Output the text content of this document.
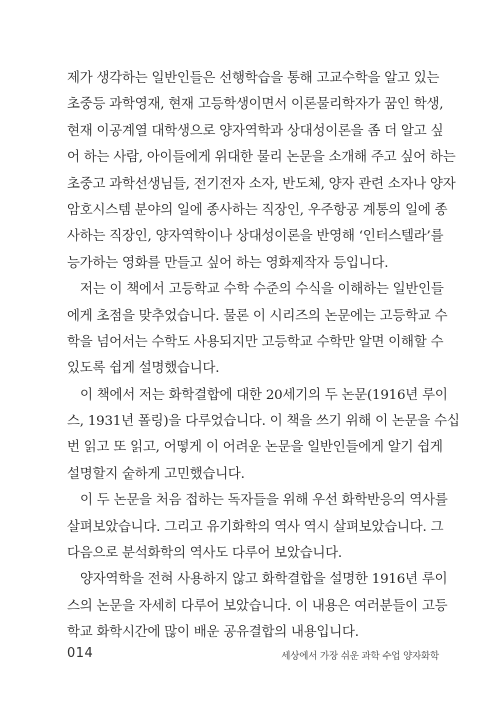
제가 생각하는 일반인들은 선행학습을 통해 고교수학을 알고 있는
초중등 과학영재, 현재 고등학생이면서 이론물리학자가 꿈인 학생,
현재 이공계열 대학생으로 양자역학과 상대성이론을 좀 더 알고 싶
어 하는 사람, 아이들에게 위대한 물리 논문을 소개해 주고 싶어 하는
초중고 과학선생님들, 전기전자 소자, 반도체, 양자 관련 소자나 양자
암호시스템 분야의 일에 종사하는 직장인, 우주항공 계통의 일에 종
사하는 직장인, 양자역학이나 상대성이론을 반영해 ‘인터스텔라’를
능가하는 영화를 만들고 싶어 하는 영화제작자 등입니다.
저는 이 책에서 고등학교 수학 수준의 수식을 이해하는 일반인들
에게 초점을 맞추었습니다. 물론 이 시리즈의 논문에는 고등학교 수
학을 넘어서는 수학도 사용되지만 고등학교 수학만 알면 이해할 수
있도록 쉽게 설명했습니다.
이 책에서 저는 화학결합에 대한 20세기의 두 논문(1916년 루이
스, 1931년 폴링)을 다루었습니다. 이 책을 쓰기 위해 이 논문을 수십
번 읽고 또 읽고, 어떻게 이 어려운 논문을 일반인들에게 알기 쉽게
설명할지 숱하게 고민했습니다.
이 두 논문을 처음 접하는 독자들을 위해 우선 화학반응의 역사를
살펴보았습니다. 그리고 유기화학의 역사 역시 살펴보았습니다. 그
다음으로 분석화학의 역사도 다루어 보았습니다.
양자역학을 전혀 사용하지 않고 화학결합을 설명한 1916년 루이
스의 논문을 자세히 다루어 보았습니다. 이 내용은 여러분들이 고등
학교 화학시간에 많이 배운 공유결합의 내용입니다.
014	세상에서 가장 쉬운 과학 수업 양자화학
